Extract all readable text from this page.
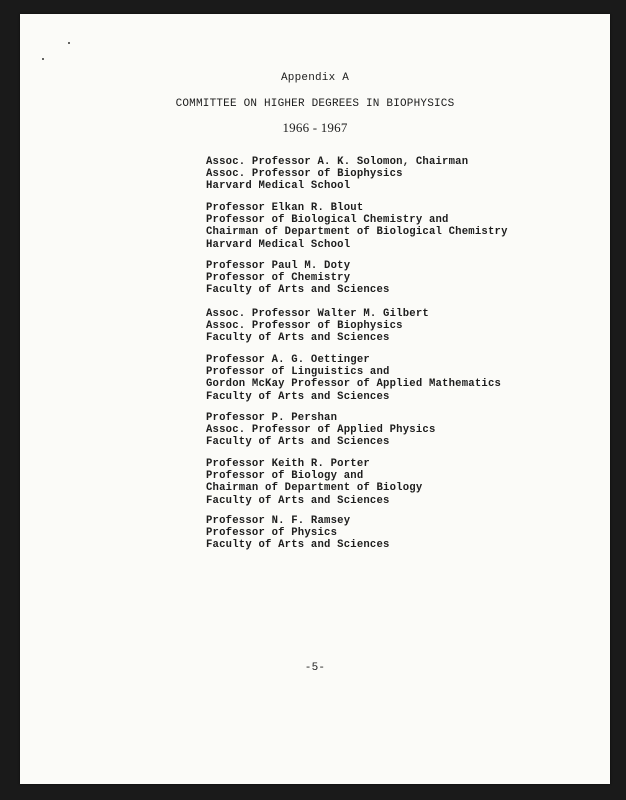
Appendix A
COMMITTEE ON HIGHER DEGREES IN BIOPHYSICS
1966 - 1967
Assoc. Professor A. K. Solomon, Chairman
Assoc. Professor of Biophysics
Harvard Medical School
Professor Elkan R. Blout
Professor of Biological Chemistry and
Chairman of Department of Biological Chemistry
Harvard Medical School
Professor Paul M. Doty
Professor of Chemistry
Faculty of Arts and Sciences
Assoc. Professor Walter M. Gilbert
Assoc. Professor of Biophysics
Faculty of Arts and Sciences
Professor A. G. Oettinger
Professor of Linguistics and
Gordon McKay Professor of Applied Mathematics
Faculty of Arts and Sciences
Professor P. Pershan
Assoc. Professor of Applied Physics
Faculty of Arts and Sciences
Professor Keith R. Porter
Professor of Biology and
Chairman of Department of Biology
Faculty of Arts and Sciences
Professor N. F. Ramsey
Professor of Physics
Faculty of Arts and Sciences
-5-
